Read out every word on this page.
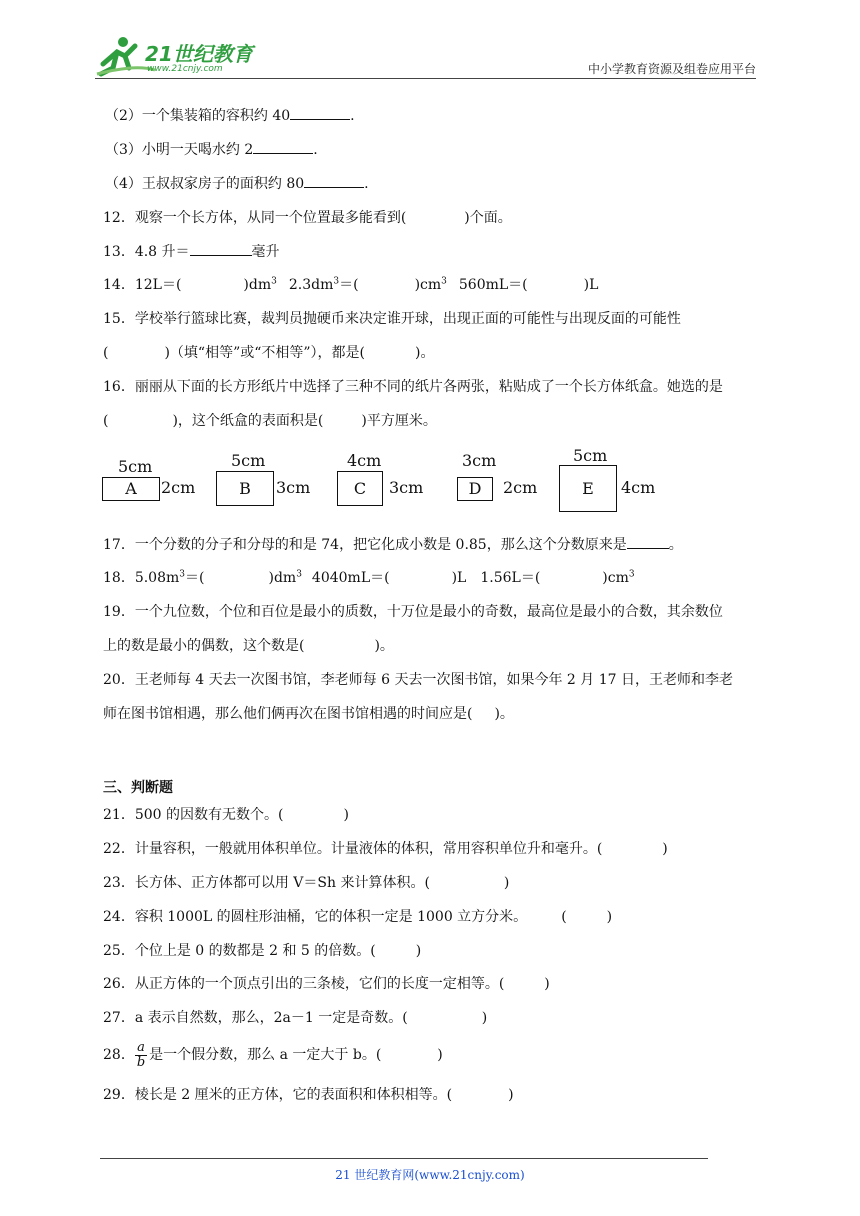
21世纪教育
www.21cnjy.com	中小学教育资源及组卷应用平台
（2）一个集装箱的容积约 40	.
（3）小明一天喝水约 2	.
（4）王叔叔家房子的面积约 80	.
12．观察一个长方体，从同一个位置最多能看到(	)个面。
13．4.8 升＝	毫升
14．12L＝(	)$dm^3$ $2.3dm^3=$(	)$cm^3$ 560mL＝(	)L
15．学校举行篮球比赛，裁判员抛硬币来决定谁开球，出现正面的可能性与出现反面的可能性
(	)（填“相等”或“不相等”），都是(	)。
16．丽丽从下面的长方形纸片中选择了三种不同的纸片各两张，粘贴成了一个长方体纸盒。她选的是
(	)，这个纸盒的表面积是(	)平方厘米。
5cm
A	2cm
5cm
B	3cm
4cm
C	3cm
3cm
D	2cm
5cm
E	4cm
17．一个分数的分子和分母的和是 74，把它化成小数是 0.85，那么这个分数原来是	。
18．$5.08m^3=$(	)$dm^3$ 4040mL＝(	)L 1.56L＝(	)$cm^3$
19．一个九位数，个位和百位是最小的质数，十万位是最小的奇数，最高位是最小的合数，其余数位
上的数是最小的偶数，这个数是(	)。
20．王老师每 4 天去一次图书馆，李老师每 6 天去一次图书馆，如果今年 2 月 17 日，王老师和李老
师在图书馆相遇，那么他们俩再次在图书馆相遇的时间应是( )。
三、判断题
21．500 的因数有无数个。(	)
22．计量容积，一般就用体积单位。计量液体的体积，常用容积单位升和毫升。(	)
23．长方体、正方体都可以用 V＝Sh 来计算体积。(	)
24．容积 1000L 的圆柱形油桶，它的体积一定是 1000 立方分米。 (	)
25．个位上是 0 的数都是 2 和 5 的倍数。(	)
26．从正方体的一个顶点引出的三条棱，它们的长度一定相等。(	)
27．a 表示自然数，那么，2a－1 一定是奇数。(	)
28． $\frac{a}{b}$ 是一个假分数，那么 a 一定大于 b。(	)
29．棱长是 2 厘米的正方体，它的表面积和体积相等。(	)
21 世纪教育网(www.21cnjy.com)
